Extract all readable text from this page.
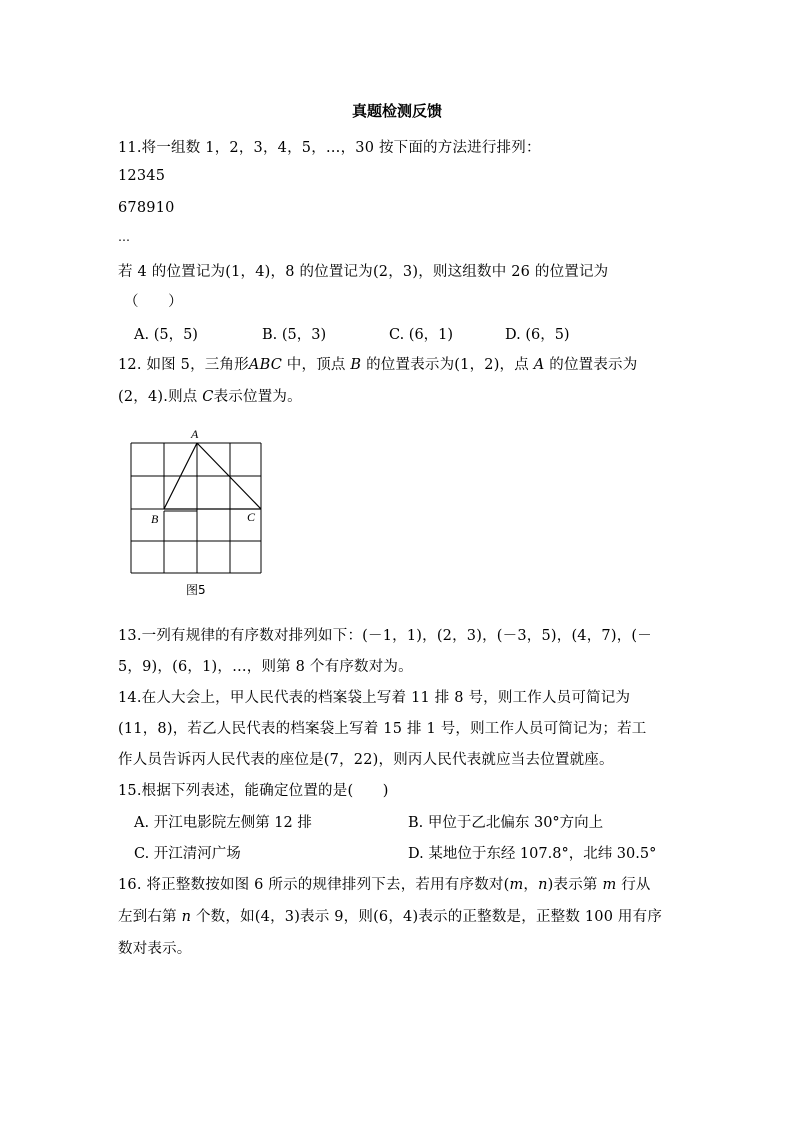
真题检测反馈
11.将一组数 1，2，3，4，5，…，30 按下面的方法进行排列：
12345
678910
…
若 4 的位置记为(1，4)，8 的位置记为(2，3)，则这组数中 26 的位置记为
（　　）
A. (5，5)	B. (5，3)	C. (6，1)	D. (6，5)
12. 如图 5，三角形ABC 中，顶点 B 的位置表示为(1，2)，点 A 的位置表示为
(2，4).则点 C表示位置为。
A
B	C
图5
13.一列有规律的有序数对排列如下：(－1，1)，(2，3)，(－3，5)，(4，7)，(－
5，9)，(6，1)，…，则第 8 个有序数对为。
14.在人大会上，甲人民代表的档案袋上写着 11 排 8 号，则工作人员可简记为
(11，8)，若乙人民代表的档案袋上写着 15 排 1 号，则工作人员可简记为；若工
作人员告诉丙人民代表的座位是(7，22)，则丙人民代表就应当去位置就座。
15.根据下列表述，能确定位置的是(　　)
A. 开江电影院左侧第 12 排	B. 甲位于乙北偏东 30°方向上
C. 开江清河广场	D. 某地位于东经 107.8°，北纬 30.5°
16. 将正整数按如图 6 所示的规律排列下去，若用有序数对(m，n)表示第 m 行从
左到右第 n 个数，如(4，3)表示 9，则(6，4)表示的正整数是，正整数 100 用有序
数对表示。
